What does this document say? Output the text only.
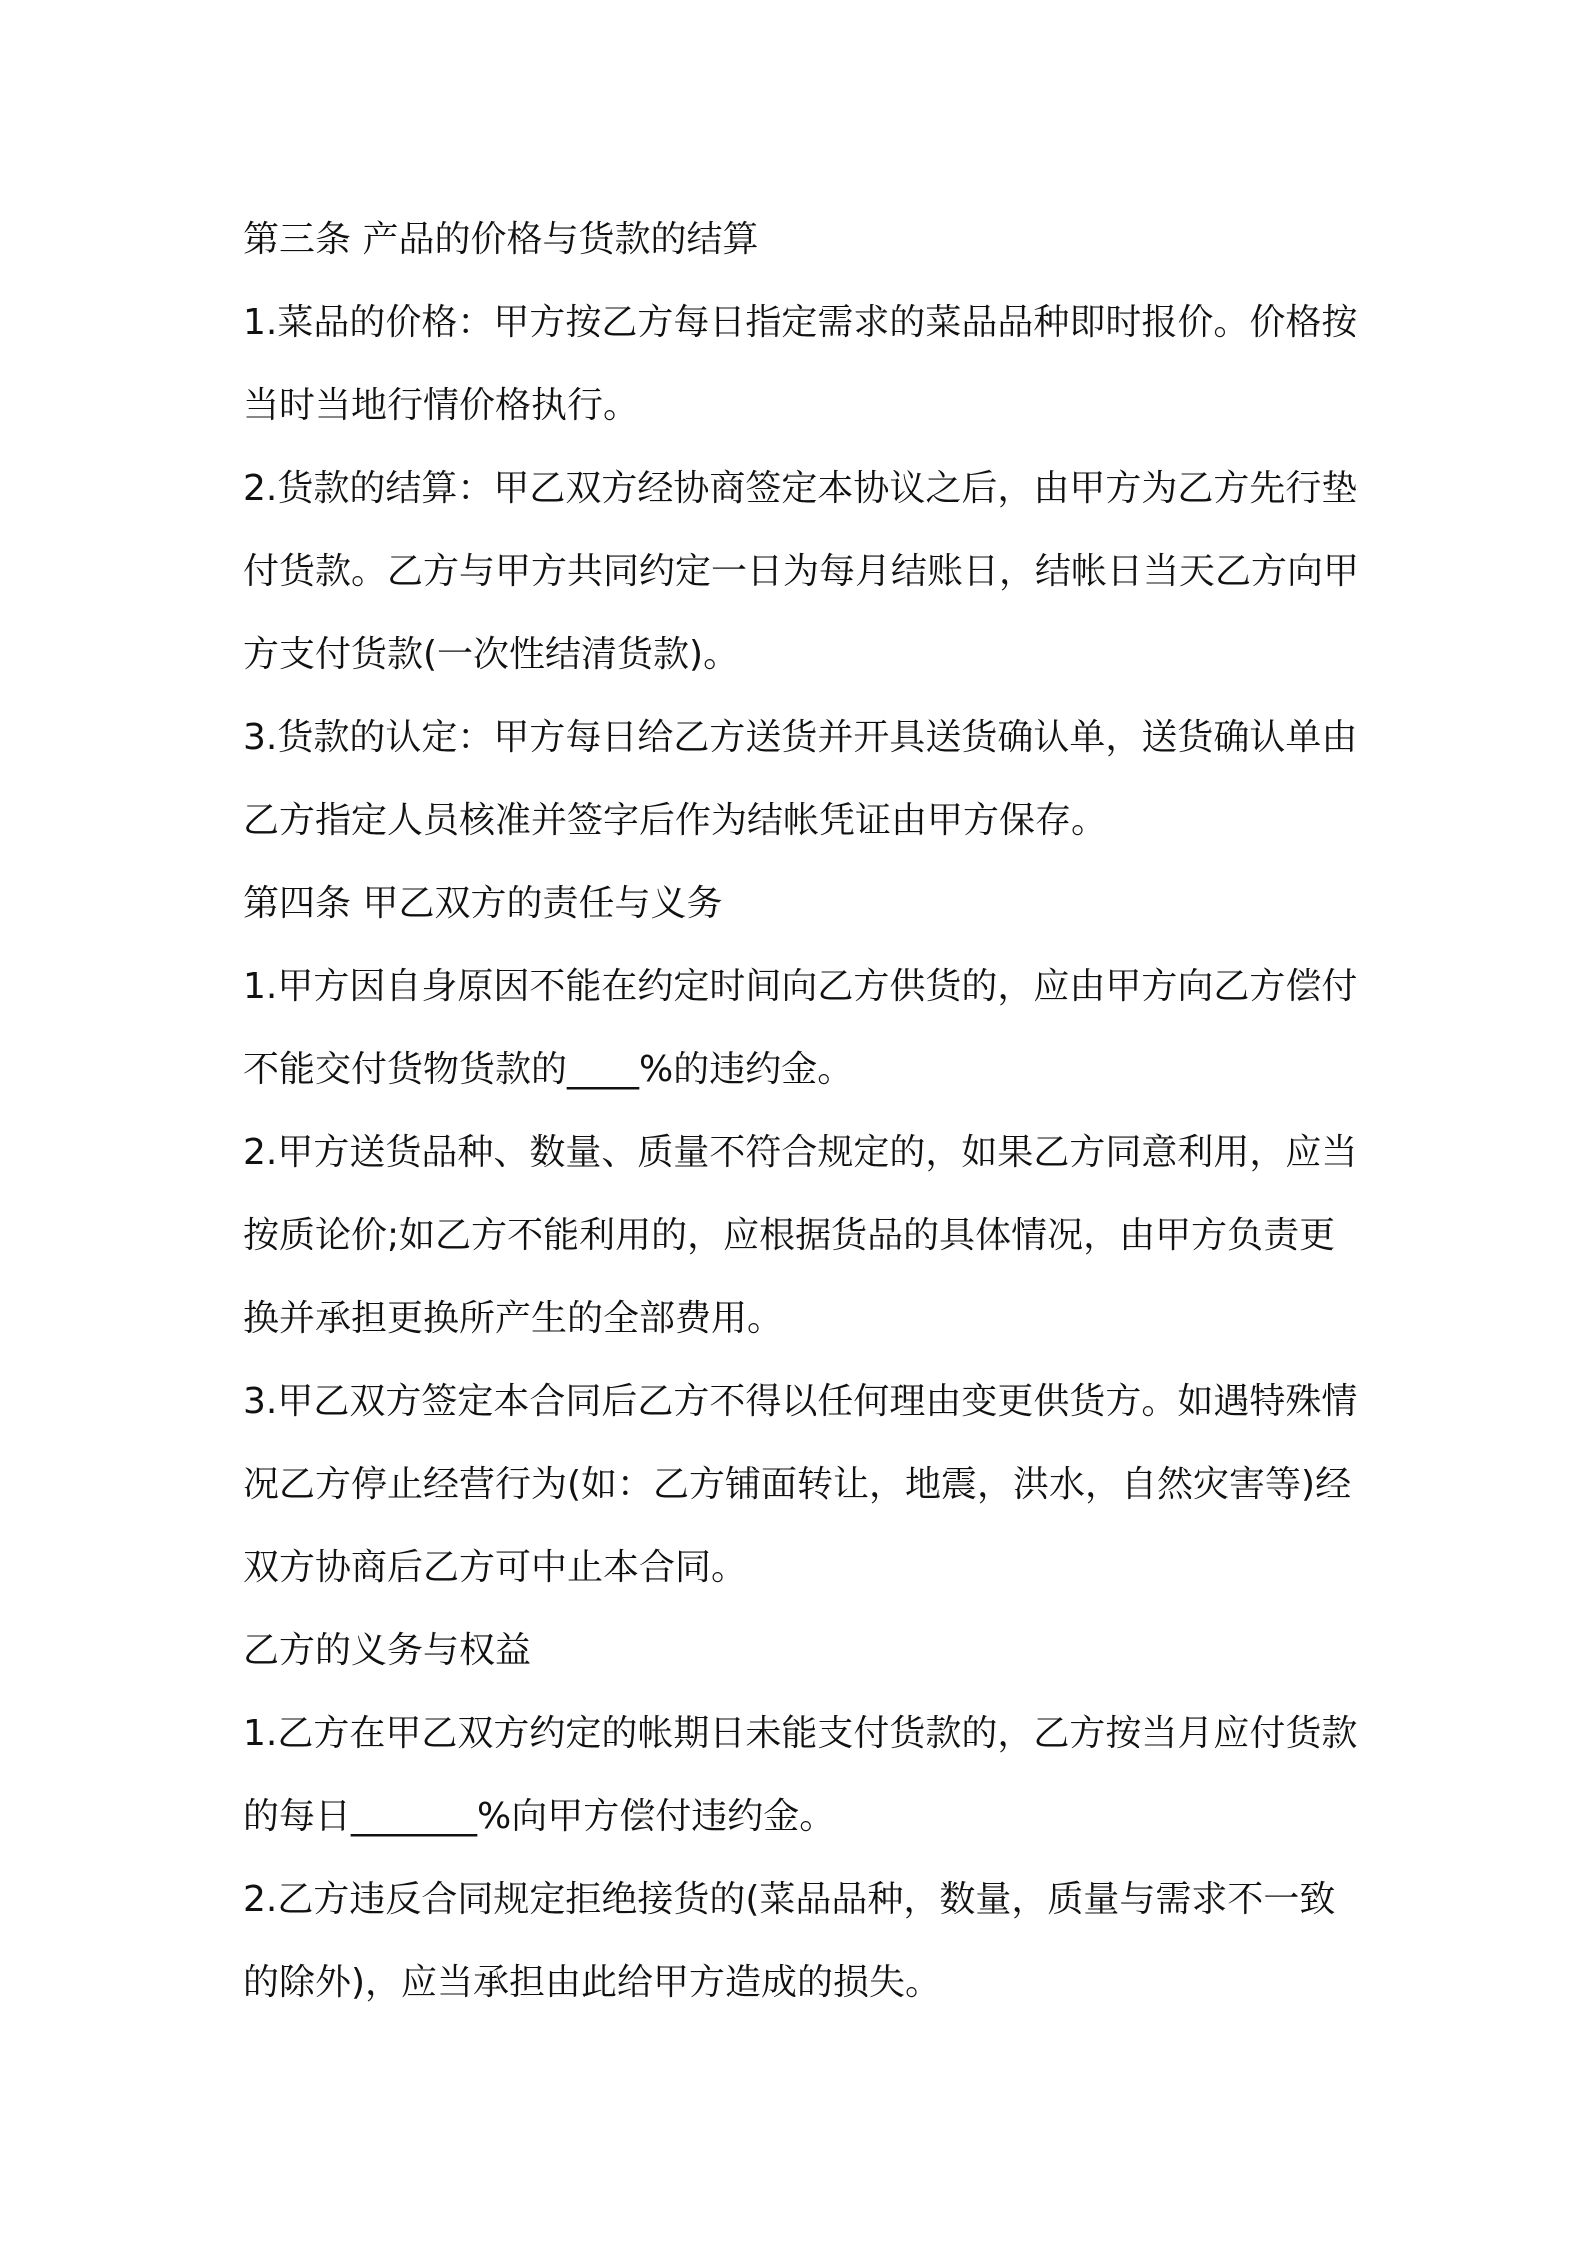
第三条 产品的价格与货款的结算

1.菜品的价格：甲方按乙方每日指定需求的菜品品种即时报价。价格按当时当地行情价格执行。

2.货款的结算：甲乙双方经协商签定本协议之后，由甲方为乙方先行垫付货款。乙方与甲方共同约定一日为每月结账日，结帐日当天乙方向甲方支付货款(一次性结清货款)。

3.货款的认定：甲方每日给乙方送货并开具送货确认单，送货确认单由乙方指定人员核准并签字后作为结帐凭证由甲方保存。

第四条 甲乙双方的责任与义务

1.甲方因自身原因不能在约定时间向乙方供货的，应由甲方向乙方偿付不能交付货物货款的____%的违约金。

2.甲方送货品种、数量、质量不符合规定的，如果乙方同意利用，应当按质论价;如乙方不能利用的，应根据货品的具体情况，由甲方负责更换并承担更换所产生的全部费用。

3.甲乙双方签定本合同后乙方不得以任何理由变更供货方。如遇特殊情况乙方停止经营行为(如：乙方铺面转让，地震，洪水，自然灾害等)经双方协商后乙方可中止本合同。

乙方的义务与权益

1.乙方在甲乙双方约定的帐期日未能支付货款的，乙方按当月应付货款的每日_______%向甲方偿付违约金。

2.乙方违反合同规定拒绝接货的(菜品品种，数量，质量与需求不一致的除外)，应当承担由此给甲方造成的损失。
